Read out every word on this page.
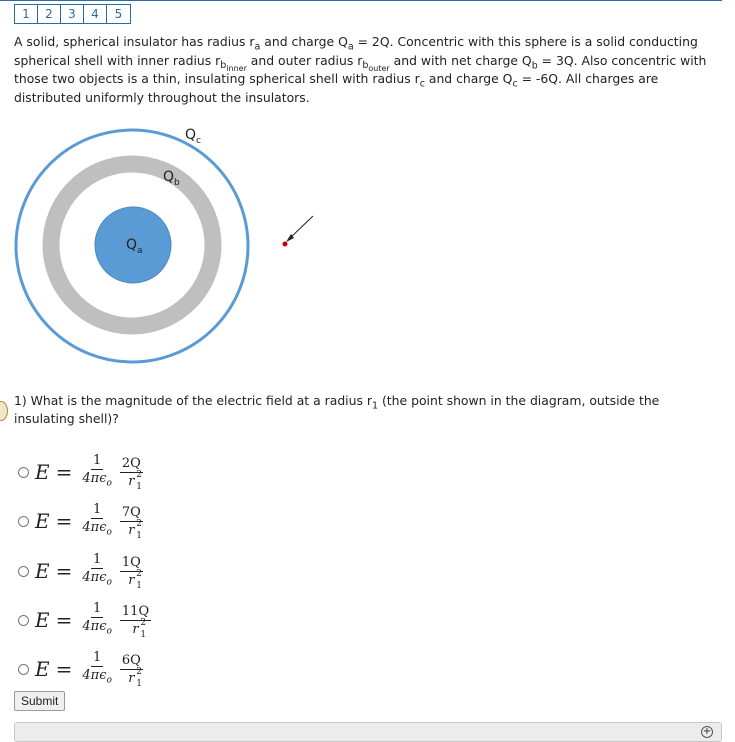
1	2	3	4	5
A solid, spherical insulator has radius $r_a$ and charge $Q_a = 2Q$. Concentric with this sphere is a solid conducting spherical shell with inner radius $r_{b_{inner}}$ and outer radius $r_{b_{outer}}$ and with net charge $Q_b = 3Q$. Also concentric with those two objects is a thin, insulating spherical shell with radius $r_c$ and charge $Q_c = -6Q$. All charges are distributed uniformly throughout the insulators.
$Q_a$
$Q_b$
$Q_c$
1) What is the magnitude of the electric field at a radius $r_1$ (the point shown in the diagram, outside the insulating shell)?
$E = \frac{1}{4\pi\epsilon_o} 2Q$
r 2
1
$E = \frac{1}{4\pi\epsilon_o} 7Q$
r 2
1
$E = \frac{1}{4\pi\epsilon_o} 1Q$
r 2
1
$E = \frac{1}{4\pi\epsilon_o} 11Q$
r 2
1
$E = \frac{1}{4\pi\epsilon_o} 6Q$
r 2
1
Submit
+
